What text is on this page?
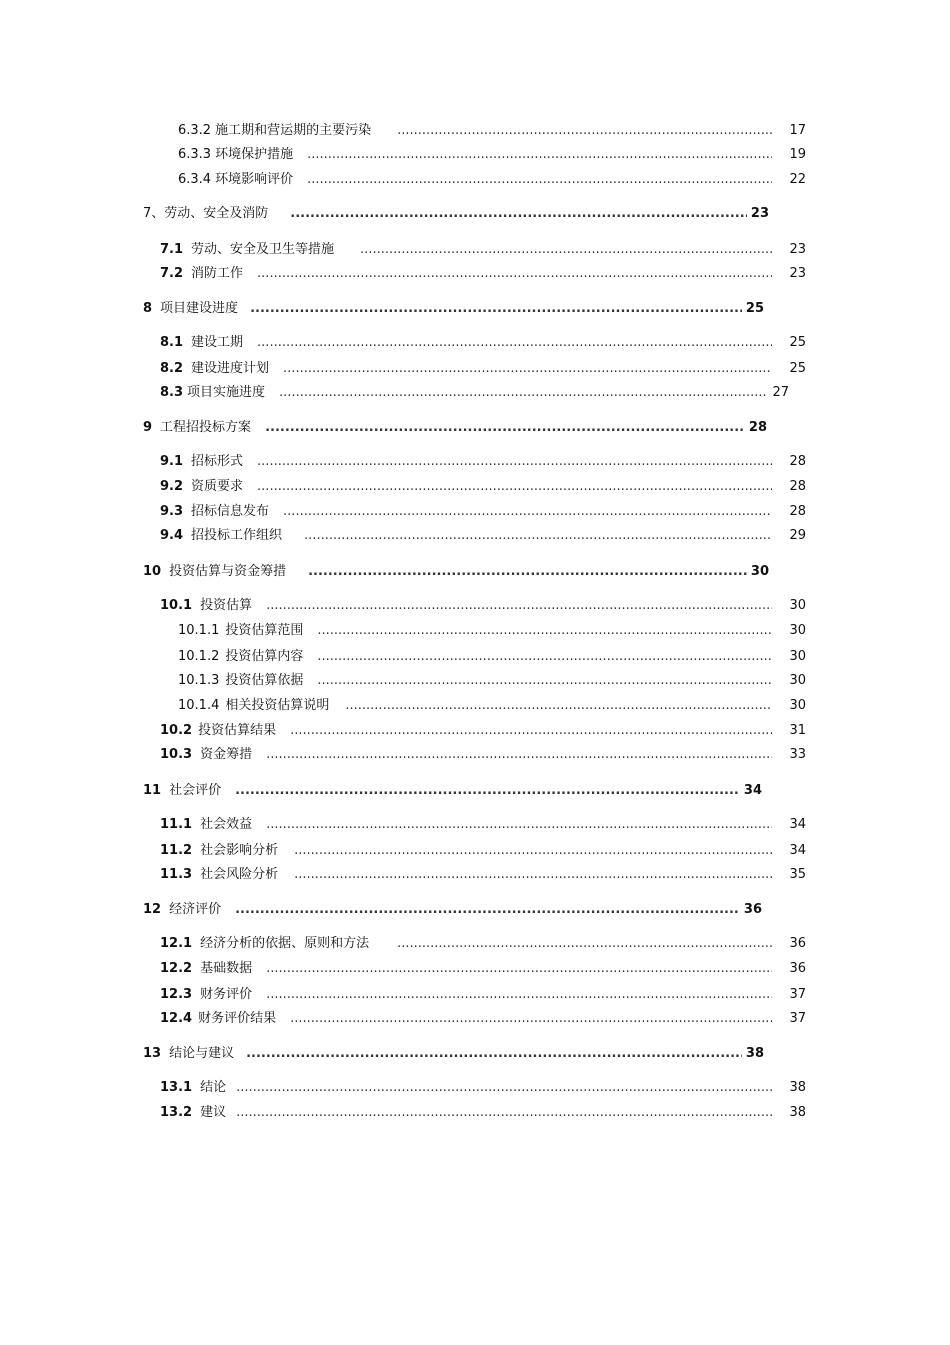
6.3.2 施工期和营运期的主要污染 .....	17
6.3.3 环境保护措施 .....	19
6.3.4 环境影响评价 .....	22
7、 劳动、安全及消防 .....	23
7.1 劳动、安全及卫生等措施 .....	23
7.2 消防工作 .....	23
8 项目建设进度 .....	25
8.1 建设工期 .....	25
8.2 建设进度计划 .....	25
8.3 项目实施进度 .....	27
9 工程招投标方案 .....	28
9.1 招标形式 .....	28
9.2 资质要求 .....	28
9.3 招标信息发布 .....	28
9.4 招投标工作组织 .....	29
10 投资估算与资金筹措 .....	30
10.1 投资估算 .....	30
10.1.1 投资估算范围 .....	30
10.1.2 投资估算内容 .....	30
10.1.3 投资估算依据 .....	30
10.1.4 相关投资估算说明 .....	30
10.2 投资估算结果 .....	31
10.3 资金筹措 .....	33
11 社会评价 .....	34
11.1 社会效益 .....	34
11.2 社会影响分析 .....	34
11.3 社会风险分析 .....	35
12 经济评价 .....	36
12.1 经济分析的依据、原则和方法 .....	36
12.2 基础数据 .....	36
12.3 财务评价 .....	37
12.4 财务评价结果 .....	37
13 结论与建议 .....	38
13.1 结论 .....	38
13.2 建议 .....	38
